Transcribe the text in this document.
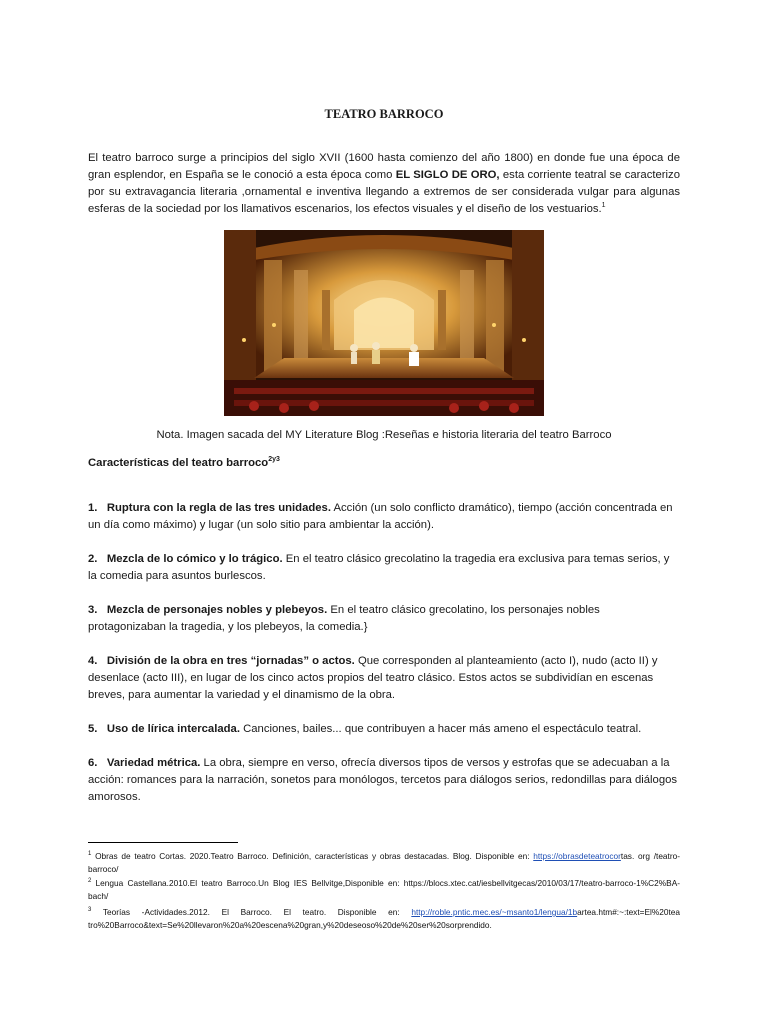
TEATRO BARROCO

El teatro barroco surge a principios del siglo XVII (1600 hasta comienzo del año 1800) en donde fue una época de gran esplendor, en España se le conoció a esta época como EL SIGLO DE ORO, esta corriente teatral se caracterizo por su extravagancia literaria ,ornamental e inventiva llegando a extremos de ser considerada vulgar para algunas esferas de la sociedad por los llamativos escenarios, los efectos visuales y el diseño de los vestuarios.$^1$

Nota. Imagen sacada del MY Literature Blog :Reseñas e historia literaria del teatro Barroco
Características del teatro barroco$^{2y3}$
1. Ruptura con la regla de las tres unidades. Acción (un solo conflicto dramático), tiempo (acción concentrada en un día como máximo) y lugar (un solo sitio para ambientar la acción).
2. Mezcla de lo cómico y lo trágico. En el teatro clásico grecolatino la tragedia era exclusiva para temas serios, y la comedia para asuntos burlescos.
3. Mezcla de personajes nobles y plebeyos. En el teatro clásico grecolatino, los personajes nobles protagonizaban la tragedia, y los plebeyos, la comedia.}
4. División de la obra en tres “jornadas” o actos. Que corresponden al planteamiento (acto I), nudo (acto II) y desenlace (acto III), en lugar de los cinco actos propios del teatro clásico. Estos actos se subdividían en escenas breves, para aumentar la variedad y el dinamismo de la obra.
5. Uso de lírica intercalada. Canciones, bailes... que contribuyen a hacer más ameno el espectáculo teatral.
6. Variedad métrica. La obra, siempre en verso, ofrecía diversos tipos de versos y estrofas que se adecuaban a la acción: romances para la narración, sonetos para monólogos, tercetos para diálogos serios, redondillas para diálogos amorosos.
$^1$ Obras de teatro Cortas. 2020.Teatro Barroco. Definición, características y obras destacadas. Blog. Disponible en: https://obrasdeteatrocortas. org /teatro-barroco/
$^2$ Lengua Castellana.2010.El teatro Barroco.Un Blog IES Bellvitge,Disponible en: https://blocs.xtec.cat/iesbellvitgecas/2010/03/17/teatro-barroco-1%C2%BA-bach/
$^3$ Teorías -Actividades.2012. El Barroco. El teatro. Disponible en: http://roble.pntic.mec.es/~msanto1/lengua/1bartea.htm#:~:text=El%20tea tro%20Barroco&text=Se%20llevaron%20a%20escena%20gran,y%20deseoso%20de%20ser%20sorprendido.
